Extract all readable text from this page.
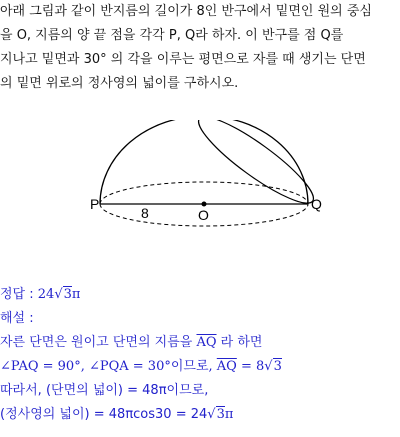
아래 그림과 같이 반지름의 길이가 8인 반구에서 밑면인 원의 중심

을 O, 지름의 양 끝 점을 각각 P, Q라 하자. 이 반구를 점 Q를

지나고 밑면과 30° 의 각을 이루는 평면으로 자를 때 생기는 단면

의 밑면 위로의 정사영의 넓이를 구하시오.

P
8	O
Q
정답 : 24√3π
해설 :
자른 단면은 원이고 단면의 지름을 $\overline{AQ}$ 라 하면
∠PAQ = 90°, ∠PQA = 30°이므로, $\overline{AQ} = 8√3$
따라서, (단면의 넓이) = 48π이므로,
(정사영의 넓이) = 48πcos30 = 24√3π
